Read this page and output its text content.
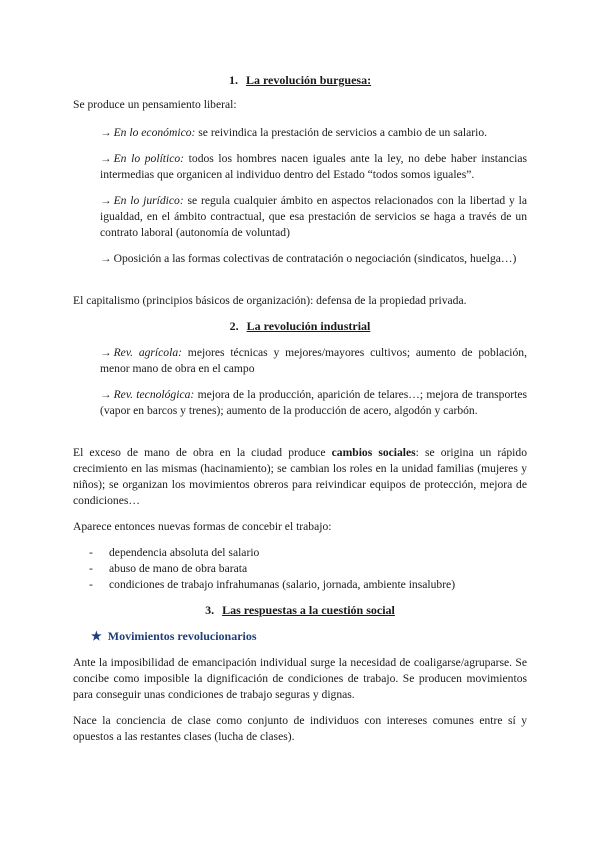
1. La revolución burguesa:
Se produce un pensamiento liberal:
→ En lo económico: se reivindica la prestación de servicios a cambio de un salario.
→ En lo político: todos los hombres nacen iguales ante la ley, no debe haber instancias intermedias que organicen al individuo dentro del Estado “todos somos iguales”.
→ En lo jurídico: se regula cualquier ámbito en aspectos relacionados con la libertad y la igualdad, en el ámbito contractual, que esa prestación de servicios se haga a través de un contrato laboral (autonomía de voluntad)
→ Oposición a las formas colectivas de contratación o negociación (sindicatos, huelga…)
El capitalismo (principios básicos de organización): defensa de la propiedad privada.
2. La revolución industrial
→ Rev. agrícola: mejores técnicas y mejores/mayores cultivos; aumento de población, menor mano de obra en el campo
→ Rev. tecnológica: mejora de la producción, aparición de telares…; mejora de transportes (vapor en barcos y trenes); aumento de la producción de acero, algodón y carbón.
El exceso de mano de obra en la ciudad produce cambios sociales: se origina un rápido crecimiento en las mismas (hacinamiento); se cambian los roles en la unidad familias (mujeres y niños); se organizan los movimientos obreros para reivindicar equipos de protección, mejora de condiciones…
Aparece entonces nuevas formas de concebir el trabajo:
- dependencia absoluta del salario
- abuso de mano de obra barata
- condiciones de trabajo infrahumanas (salario, jornada, ambiente insalubre)
3. Las respuestas a la cuestión social
★ Movimientos revolucionarios
Ante la imposibilidad de emancipación individual surge la necesidad de coaligarse/agruparse. Se concibe como imposible la dignificación de condiciones de trabajo. Se producen movimientos para conseguir unas condiciones de trabajo seguras y dignas.
Nace la conciencia de clase como conjunto de individuos con intereses comunes entre sí y opuestos a las restantes clases (lucha de clases).
